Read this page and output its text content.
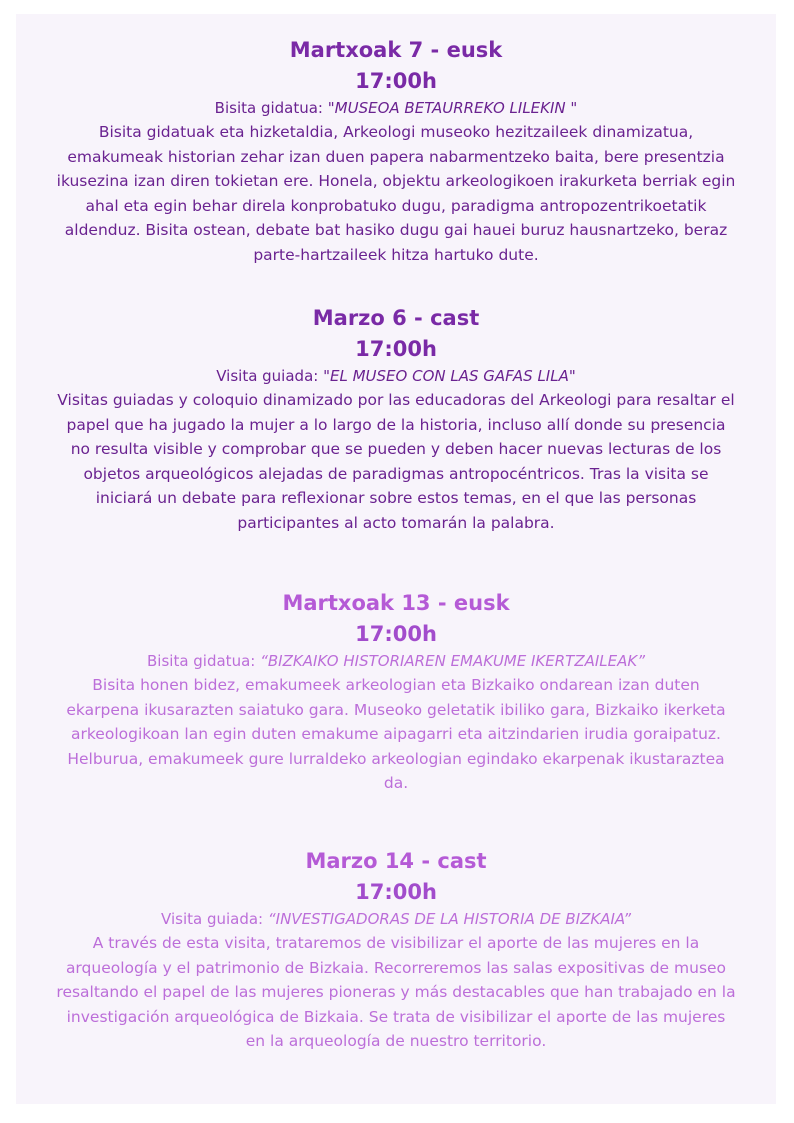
Martxoak 7 - eusk
17:00h

Bisita gidatua: "MUSEOA BETAURREKO LILEKIN "

Bisita gidatuak eta hizketaldia, Arkeologi museoko hezitzaileek dinamizatua, emakumeak historian zehar izan duen papera nabarmentzeko baita, bere presentzia ikusezina izan diren tokietan ere. Honela, objektu arkeologikoen irakurketa berriak egin ahal eta egin behar direla konprobatuko dugu, paradigma antropozentrikoetatik aldenduz. Bisita ostean, debate bat hasiko dugu gai hauei buruz hausnartzeko, beraz parte-hartzaileek hitza hartuko dute.

Marzo 6 - cast
17:00h

Visita guiada: "EL MUSEO CON LAS GAFAS LILA"

Visitas guiadas y coloquio dinamizado por las educadoras del Arkeologi para resaltar el papel que ha jugado la mujer a lo largo de la historia, incluso allí donde su presencia no resulta visible y comprobar que se pueden y deben hacer nuevas lecturas de los objetos arqueológicos alejadas de paradigmas antropocéntricos. Tras la visita se iniciará un debate para reflexionar sobre estos temas, en el que las personas participantes al acto tomarán la palabra.

Martxoak 13 - eusk
17:00h

Bisita gidatua: “BIZKAIKO HISTORIAREN EMAKUME IKERTZAILEAK”

Bisita honen bidez, emakumeek arkeologian eta Bizkaiko ondarean izan duten ekarpena ikusarazten saiatuko gara. Museoko geletatik ibiliko gara, Bizkaiko ikerketa arkeologikoan lan egin duten emakume aipagarri eta aitzindarien irudia goraipatuz. Helburua, emakumeek gure lurraldeko arkeologian egindako ekarpenak ikustaraztea da.

Marzo 14 - cast
17:00h

Visita guiada: “INVESTIGADORAS DE LA HISTORIA DE BIZKAIA”

A través de esta visita, trataremos de visibilizar el aporte de las mujeres en la arqueología y el patrimonio de Bizkaia. Recorreremos las salas expositivas de museo resaltando el papel de las mujeres pioneras y más destacables que han trabajado en la investigación arqueológica de Bizkaia. Se trata de visibilizar el aporte de las mujeres en la arqueología de nuestro territorio.
